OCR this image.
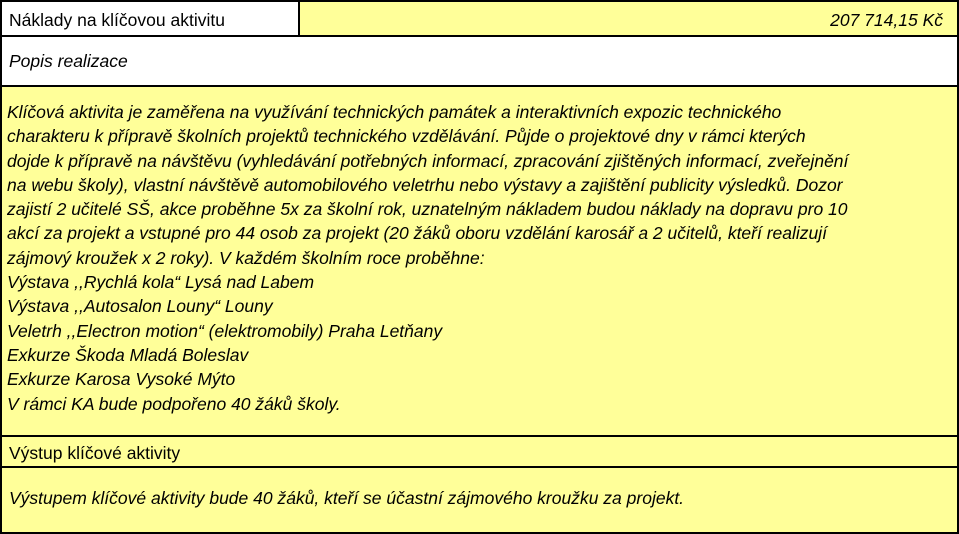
Náklady na klíčovou aktivitu	207 714,15 Kč
Popis realizace
Klíčová aktivita je zaměřena na využívání technických památek a interaktivních expozic technického
charakteru k přípravě školních projektů technického vzdělávání. Půjde o projektové dny v rámci kterých
dojde k přípravě na návštěvu (vyhledávání potřebných informací, zpracování zjištěných informací, zveřejnění
na webu školy), vlastní návštěvě automobilového veletrhu nebo výstavy a zajištění publicity výsledků. Dozor
zajistí 2 učitelé SŠ, akce proběhne 5x za školní rok, uznatelným nákladem budou náklady na dopravu pro 10
akcí za projekt a vstupné pro 44 osob za projekt (20 žáků oboru vzdělání karosář a 2 učitelů, kteří realizují
zájmový kroužek x 2 roky). V každém školním roce proběhne:
Výstava ,,Rychlá kola“ Lysá nad Labem
Výstava ,,Autosalon Louny“ Louny
Veletrh ,,Electron motion“ (elektromobily) Praha Letňany
Exkurze Škoda Mladá Boleslav
Exkurze Karosa Vysoké Mýto
V rámci KA bude podpořeno 40 žáků školy.
Výstup klíčové aktivity
Výstupem klíčové aktivity bude 40 žáků, kteří se účastní zájmového kroužku za projekt.
